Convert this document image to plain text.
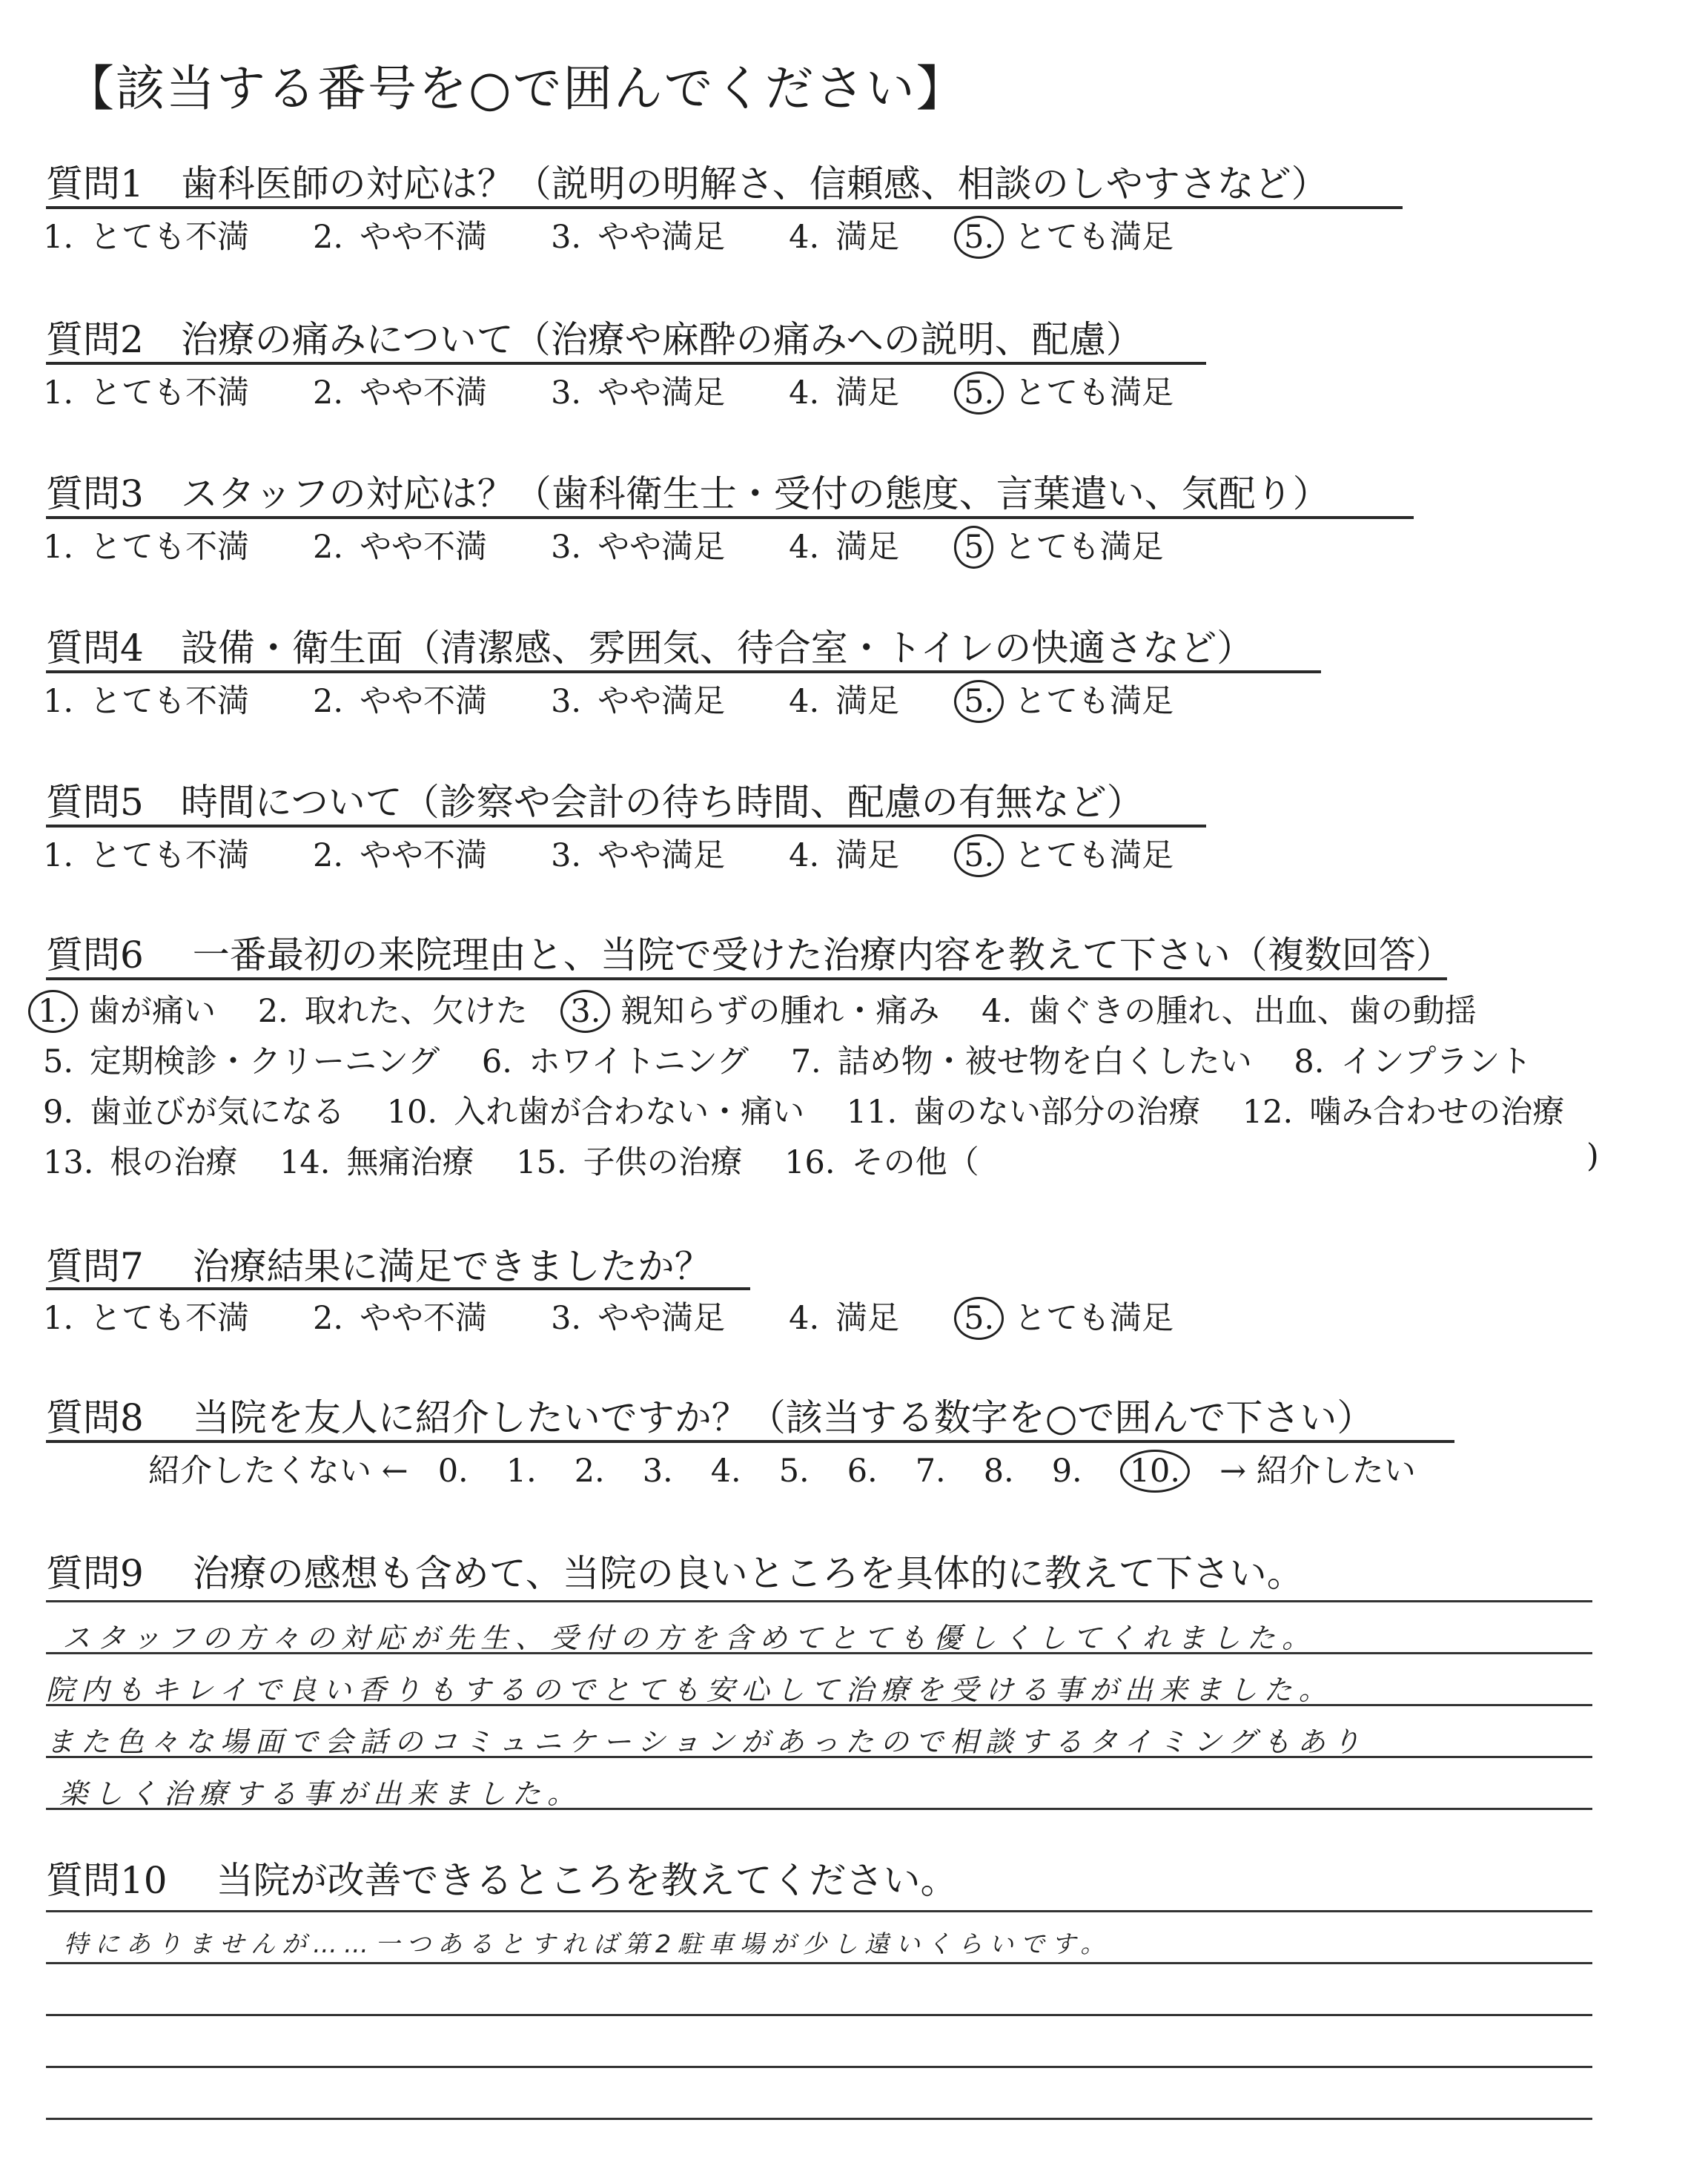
【該当する番号を○で囲んでください】
質問1　 歯科医師の対応は？（説明の明解さ、信頼感、相談のしやすさなど）
1. とても不満　　 2. やや不満　　 3. やや満足　　 4. 満足　　 5. とても満足
質問2　 治療の痛みについて（治療や麻酔の痛みへの説明、配慮）
1. とても不満　　 2. やや不満　　 3. やや満足　　 4. 満足　　 5. とても満足
質問3　 スタッフの対応は？（歯科衛生士・受付の態度、言葉遣い、気配り）
1. とても不満　　 2. やや不満　　 3. やや満足　　 4. 満足　　 5 とても満足
質問4　 設備・衛生面（清潔感、雰囲気、待合室・トイレの快適さなど）
1. とても不満　　 2. やや不満　　 3. やや満足　　 4. 満足　　 5. とても満足
質問5　 時間について（診察や会計の待ち時間、配慮の有無など）
1. とても不満　　 2. やや不満　　 3. やや満足　　 4. 満足　　 5. とても満足
質問6　 一番最初の来院理由と、当院で受けた治療内容を教えて下さい（複数回答）
1. 歯が痛い　 2. 取れた、欠けた　 3. 親知らずの腫れ・痛み　 4. 歯ぐきの腫れ、出血、歯の動揺
5. 定期検診・クリーニング　 6. ホワイトニング　 7. 詰め物・被せ物を白くしたい　 8. インプラント
9. 歯並びが気になる　 10. 入れ歯が合わない・痛い　 11. 歯のない部分の治療　 12. 噛み合わせの治療
13. 根の治療　 14. 無痛治療　 15. 子供の治療　 16. その他（	)
質問7　 治療結果に満足できましたか？
1. とても不満　　 2. やや不満　　 3. やや満足　　 4. 満足　　 5. とても満足
質問8　 当院を友人に紹介したいですか？（該当する数字を○で囲んで下さい）
紹介したくない ← 0. 1. 2. 3. 4. 5. 6. 7. 8. 9. 10. → 紹介したい
質問9　 治療の感想も含めて、当院の良いところを具体的に教えて下さい。
スタッフの方々の対応が先生、受付の方を含めてとても優しくしてくれました。
院内もキレイで良い香りもするのでとても安心して治療を受ける事が出来ました。
また色々な場面で会話のコミュニケーションがあったので相談するタイミングもあり
楽しく治療する事が出来ました。
質問10　 当院が改善できるところを教えてください。
特にありませんが……一つあるとすれば第2駐車場が少し遠いくらいです。
